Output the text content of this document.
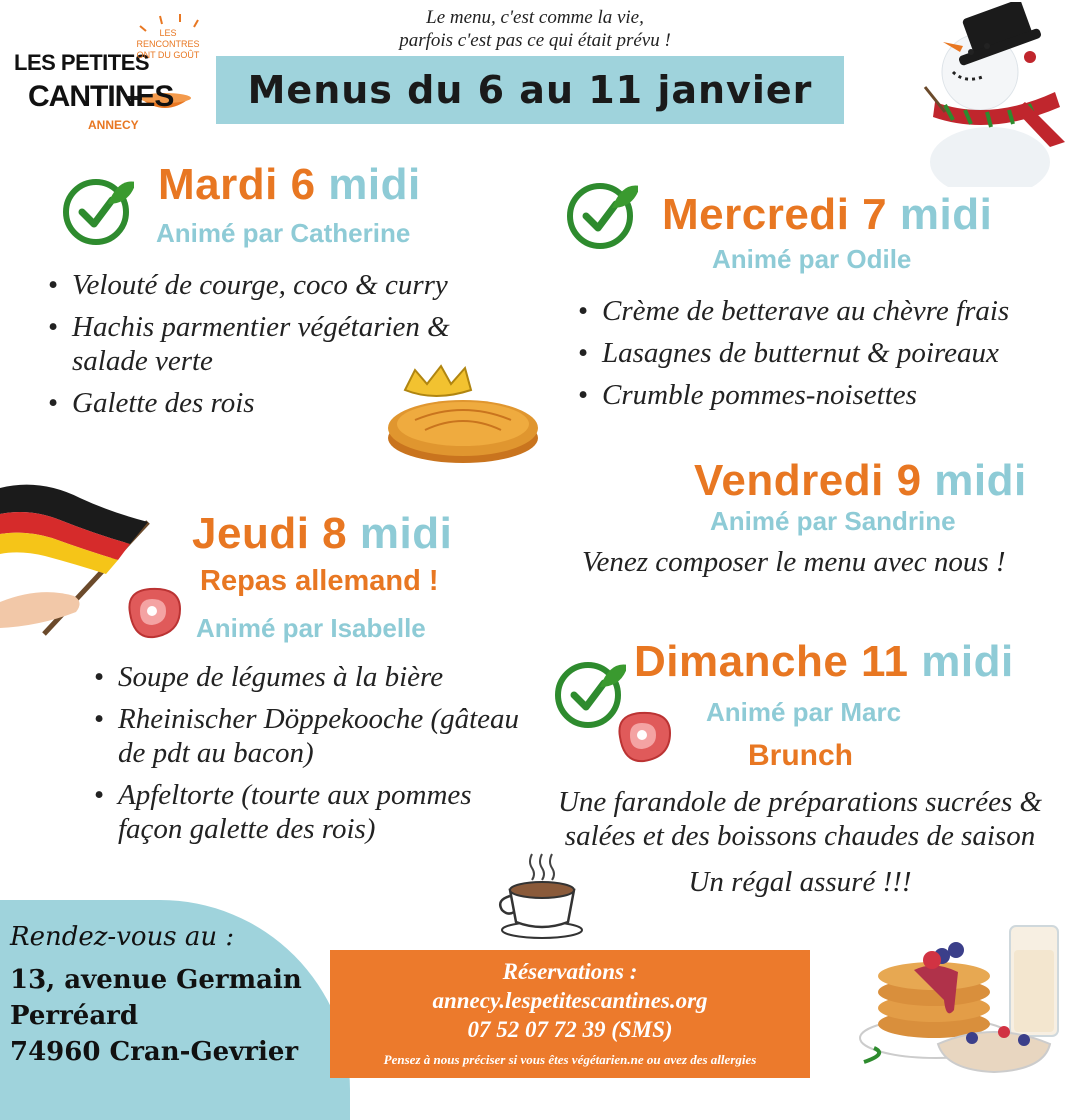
LES PETITES
CANTINES
ANNECY
LES RENCONTRES ONT DU GOÛT
Le menu, c'est comme la vie,
parfois c'est pas ce qui était prévu !
Menus du 6 au 11 janvier
Mardi 6 midi
Animé par Catherine
• Velouté de courge, coco & curry
• Hachis parmentier végétarien & salade verte
• Galette des rois
Mercredi 7 midi
Animé par Odile
• Crème de betterave au chèvre frais
• Lasagnes de butternut & poireaux
• Crumble pommes-noisettes
Jeudi 8 midi
Repas allemand !
Animé par Isabelle
• Soupe de légumes à la bière
• Rheinischer Döppekooche (gâteau de pdt au bacon)
• Apfeltorte (tourte aux pommes façon galette des rois)
Vendredi 9 midi
Animé par Sandrine
Venez composer le menu avec nous !
Dimanche 11 midi
Animé par Marc
Brunch
Une farandole de préparations sucrées &
salées et des boissons chaudes de saison
Un régal assuré !!!
Rendez-vous au :
13, avenue Germain
Perréard
74960 Cran-Gevrier
Réservations :
annecy.lespetitescantines.org
07 52 07 72 39 (SMS)
Pensez à nous préciser si vous êtes végétarien.ne ou avez des allergies
